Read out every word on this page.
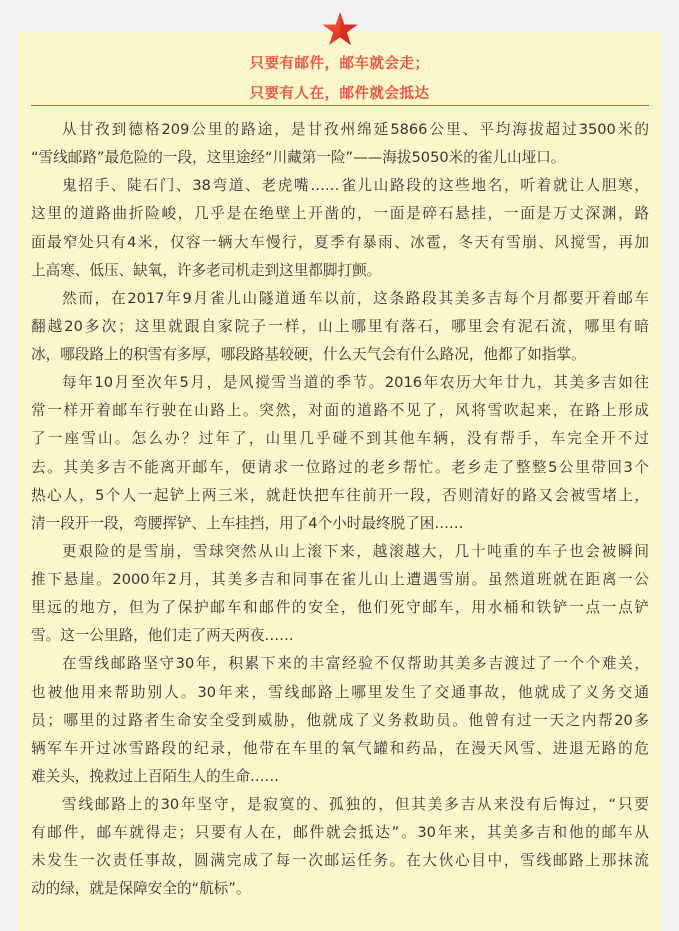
只要有邮件，邮车就会走；
只要有人在，邮件就会抵达
从甘孜到德格209公里的路途，是甘孜州绵延5866公里、平均海拔超过3500米的
“雪线邮路”最危险的一段，这里途经“川藏第一险”——海拔5050米的雀儿山垭口。
鬼招手、陡石门、38弯道、老虎嘴……雀儿山路段的这些地名，听着就让人胆寒，
这里的道路曲折险峻，几乎是在绝壁上开凿的，一面是碎石悬挂，一面是万丈深渊，路
面最窄处只有4米，仅容一辆大车慢行，夏季有暴雨、冰雹，冬天有雪崩、风搅雪，再加
上高寒、低压、缺氧，许多老司机走到这里都脚打颤。
然而，在2017年9月雀儿山隧道通车以前，这条路段其美多吉每个月都要开着邮车
翻越20多次；这里就跟自家院子一样，山上哪里有落石，哪里会有泥石流，哪里有暗
冰，哪段路上的积雪有多厚，哪段路基较硬，什么天气会有什么路况，他都了如指掌。
每年10月至次年5月，是风搅雪当道的季节。2016年农历大年廿九，其美多吉如往
常一样开着邮车行驶在山路上。突然，对面的道路不见了，风将雪吹起来，在路上形成
了一座雪山。怎么办？过年了，山里几乎碰不到其他车辆，没有帮手，车完全开不过
去。其美多吉不能离开邮车，便请求一位路过的老乡帮忙。老乡走了整整5公里带回3个
热心人，5个人一起铲上两三米，就赶快把车往前开一段，否则清好的路又会被雪堵上，
清一段开一段，弯腰挥铲、上车挂挡，用了4个小时最终脱了困……
更艰险的是雪崩，雪球突然从山上滚下来，越滚越大，几十吨重的车子也会被瞬间
推下悬崖。2000年2月，其美多吉和同事在雀儿山上遭遇雪崩。虽然道班就在距离一公
里远的地方，但为了保护邮车和邮件的安全，他们死守邮车，用水桶和铁铲一点一点铲
雪。这一公里路，他们走了两天两夜……
在雪线邮路坚守30年，积累下来的丰富经验不仅帮助其美多吉渡过了一个个难关，
也被他用来帮助别人。30年来，雪线邮路上哪里发生了交通事故，他就成了义务交通
员；哪里的过路者生命安全受到威胁，他就成了义务救助员。他曾有过一天之内帮20多
辆军车开过冰雪路段的纪录，他带在车里的氧气罐和药品，在漫天风雪、进退无路的危
难关头，挽救过上百陌生人的生命……
雪线邮路上的30年坚守，是寂寞的、孤独的，但其美多吉从来没有后悔过，“只要
有邮件，邮车就得走；只要有人在，邮件就会抵达”。30年来，其美多吉和他的邮车从
未发生一次责任事故，圆满完成了每一次邮运任务。在大伙心目中，雪线邮路上那抹流
动的绿，就是保障安全的“航标”。
